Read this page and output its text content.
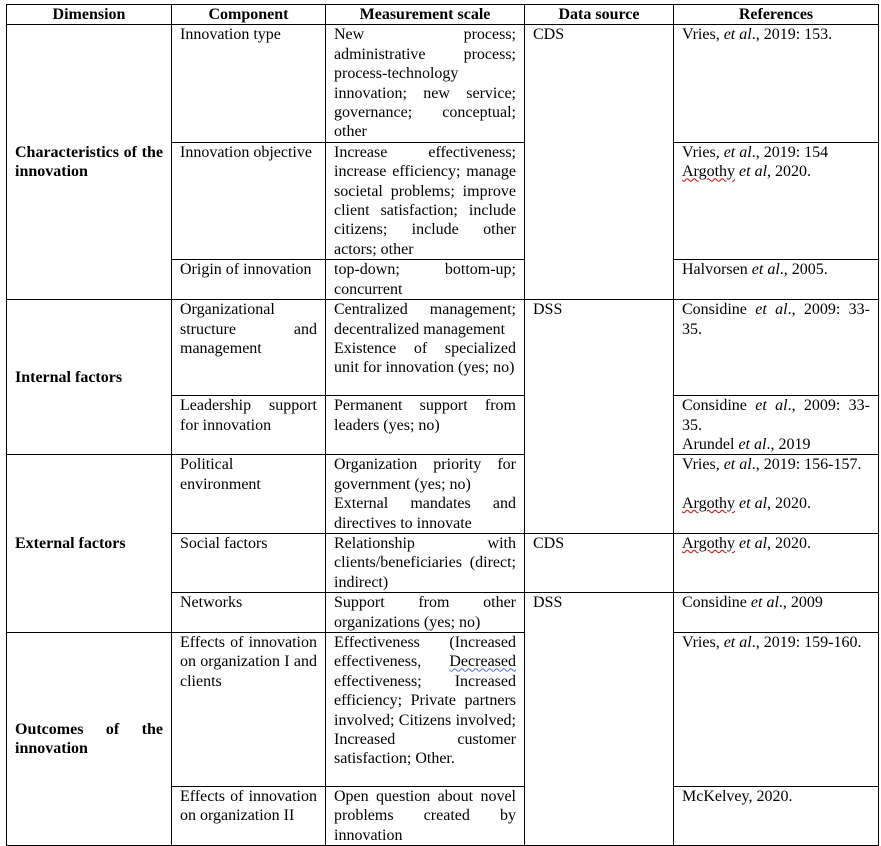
Dimension	Component	Measurement scale	Data source	References

Characteristics of the innovation	Innovation type	New process; administrative process; process-technology innovation; new service; governance; conceptual; other	CDS	Vries, et al., 2019: 153.

	Innovation objective	Increase effectiveness; increase efficiency; manage societal problems; improve client satisfaction; include citizens; include other actors; other		Vries, et al., 2019: 154
Argothy et al, 2020.

	Origin of innovation	top-down; bottom-up; concurrent		Halvorsen et al., 2005.

Internal factors	Organizational structure and management	Centralized management; decentralized management
Existence of specialized unit for innovation (yes; no)	DSS	Considine et al., 2009: 33-35.

	Leadership support for innovation	Permanent support from leaders (yes; no)		Considine et al., 2009: 33-35.
Arundel et al., 2019

External factors	Political environment	Organization priority for government (yes; no)
External mandates and directives to innovate		Vries, et al., 2019: 156-157.
Argothy et al, 2020.

	Social factors	Relationship with clients/beneficiaries (direct; indirect)	CDS	Argothy et al, 2020.

	Networks	Support from other organizations (yes; no)	DSS	Considine et al., 2009

Outcomes of the innovation	Effects of innovation on organization I and clients	Effectiveness (Increased effectiveness, Decreased effectiveness; Increased efficiency; Private partners involved; Citizens involved; Increased customer satisfaction; Other.		Vries, et al., 2019: 159-160.

	Effects of innovation on organization II	Open question about novel problems created by innovation		McKelvey, 2020.
